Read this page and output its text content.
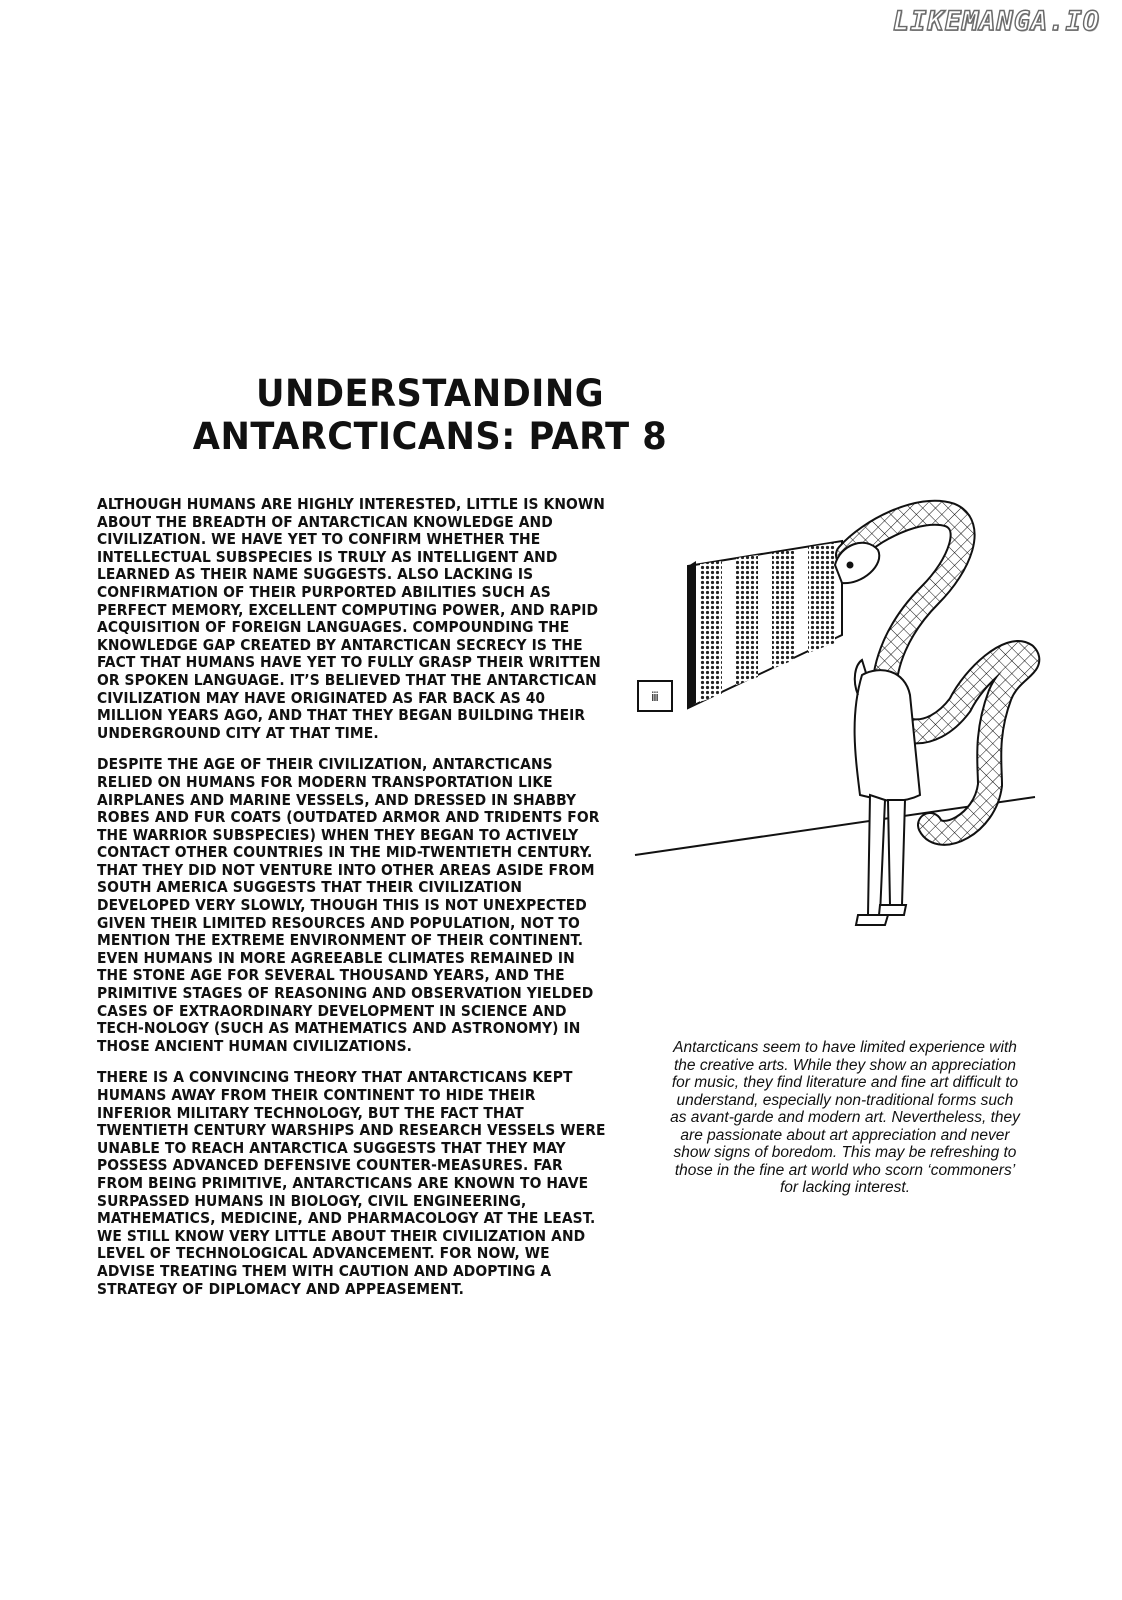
LIKEMANGA.IO
UNDERSTANDING
ANTARCTICANS: PART 8

ALTHOUGH HUMANS ARE HIGHLY INTERESTED, LITTLE IS KNOWN ABOUT THE BREADTH OF ANTARCTICAN KNOWLEDGE AND CIVILIZATION. WE HAVE YET TO CONFIRM WHETHER THE INTELLECTUAL SUBSPECIES IS TRULY AS INTELLIGENT AND LEARNED AS THEIR NAME SUGGESTS. ALSO LACKING IS CONFIRMATION OF THEIR PURPORTED ABILITIES SUCH AS PERFECT MEMORY, EXCELLENT COMPUTING POWER, AND RAPID ACQUISITION OF FOREIGN LANGUAGES. COMPOUNDING THE KNOWLEDGE GAP CREATED BY ANTARCTICAN SECRECY IS THE FACT THAT HUMANS HAVE YET TO FULLY GRASP THEIR WRITTEN OR SPOKEN LANGUAGE. IT’S BELIEVED THAT THE ANTARCTICAN CIVILIZATION MAY HAVE ORIGINATED AS FAR BACK AS 40 MILLION YEARS AGO, AND THAT THEY BEGAN BUILDING THEIR UNDERGROUND CITY AT THAT TIME.

DESPITE THE AGE OF THEIR CIVILIZATION, ANTARCTICANS RELIED ON HUMANS FOR MODERN TRANSPORTATION LIKE AIRPLANES AND MARINE VESSELS, AND DRESSED IN SHABBY ROBES AND FUR COATS (OUTDATED ARMOR AND TRIDENTS FOR THE WARRIOR SUBSPECIES) WHEN THEY BEGAN TO ACTIVELY CONTACT OTHER COUNTRIES IN THE MID-TWENTIETH CENTURY. THAT THEY DID NOT VENTURE INTO OTHER AREAS ASIDE FROM SOUTH AMERICA SUGGESTS THAT THEIR CIVILIZATION DEVELOPED VERY SLOWLY, THOUGH THIS IS NOT UNEXPECTED GIVEN THEIR LIMITED RESOURCES AND POPULATION, NOT TO MENTION THE EXTREME ENVIRONMENT OF THEIR CONTINENT. EVEN HUMANS IN MORE AGREEABLE CLIMATES REMAINED IN THE STONE AGE FOR SEVERAL THOUSAND YEARS, AND THE PRIMITIVE STAGES OF REASONING AND OBSERVATION YIELDED CASES OF EXTRAORDINARY DEVELOPMENT IN SCIENCE AND TECH-NOLOGY (SUCH AS MATHEMATICS AND ASTRONOMY) IN THOSE ANCIENT HUMAN CIVILIZATIONS.

THERE IS A CONVINCING THEORY THAT ANTARCTICANS KEPT HUMANS AWAY FROM THEIR CONTINENT TO HIDE THEIR INFERIOR MILITARY TECHNOLOGY, BUT THE FACT THAT TWENTIETH CENTURY WARSHIPS AND RESEARCH VESSELS WERE UNABLE TO REACH ANTARCTICA SUGGESTS THAT THEY MAY POSSESS ADVANCED DEFENSIVE COUNTER-MEASURES. FAR FROM BEING PRIMITIVE, ANTARCTICANS ARE KNOWN TO HAVE SURPASSED HUMANS IN BIOLOGY, CIVIL ENGINEERING, MATHEMATICS, MEDICINE, AND PHARMACOLOGY AT THE LEAST. WE STILL KNOW VERY LITTLE ABOUT THEIR CIVILIZATION AND LEVEL OF TECHNOLOGICAL ADVANCEMENT. FOR NOW, WE ADVISE TREATING THEM WITH CAUTION AND ADOPTING A STRATEGY OF DIPLOMACY AND APPEASEMENT.

ⅲ
Antarcticans seem to have limited experience with the creative arts. While they show an appreciation for music, they find literature and fine art difficult to understand, especially non-traditional forms such as avant-garde and modern art. Nevertheless, they are passionate about art appreciation and never show signs of boredom. This may be refreshing to those in the fine art world who scorn ‘commoners’ for lacking interest.
